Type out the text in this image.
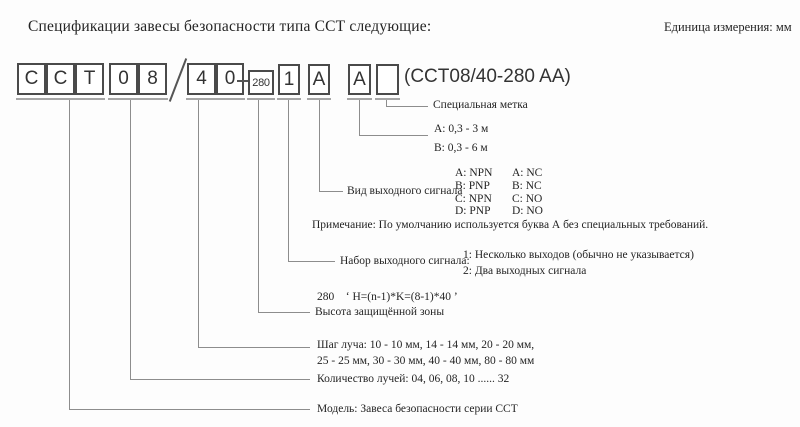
Спецификации завесы безопасности типа ССТ следующие:	Единица измерения: мм
C C T	0 8	4 0	280 1 A A (CCT08/40-280 AA)
Специальная метка
A: 0,3 - 3 м
B: 0,3 - 6 м
Вид выходного сигнала
A: NPN A: NC
B: PNP B: NC
C: NPN C: NO
D: PNP D: NO
Примечание: По умолчанию используется буква А без специальных требований.
Набор выходного сигнала:
1: Несколько выходов (обычно не указывается)
2: Два выходных сигнала
280    ‘ H=(n-1)*K=(8-1)*40 ’
Высота защищённой зоны
Шаг луча: 10 - 10 мм, 14 - 14 мм, 20 - 20 мм,
25 - 25 мм, 30 - 30 мм, 40 - 40 мм, 80 - 80 мм
Количество лучей: 04, 06, 08, 10 ...... 32
Модель: Завеса безопасности серии ССТ
